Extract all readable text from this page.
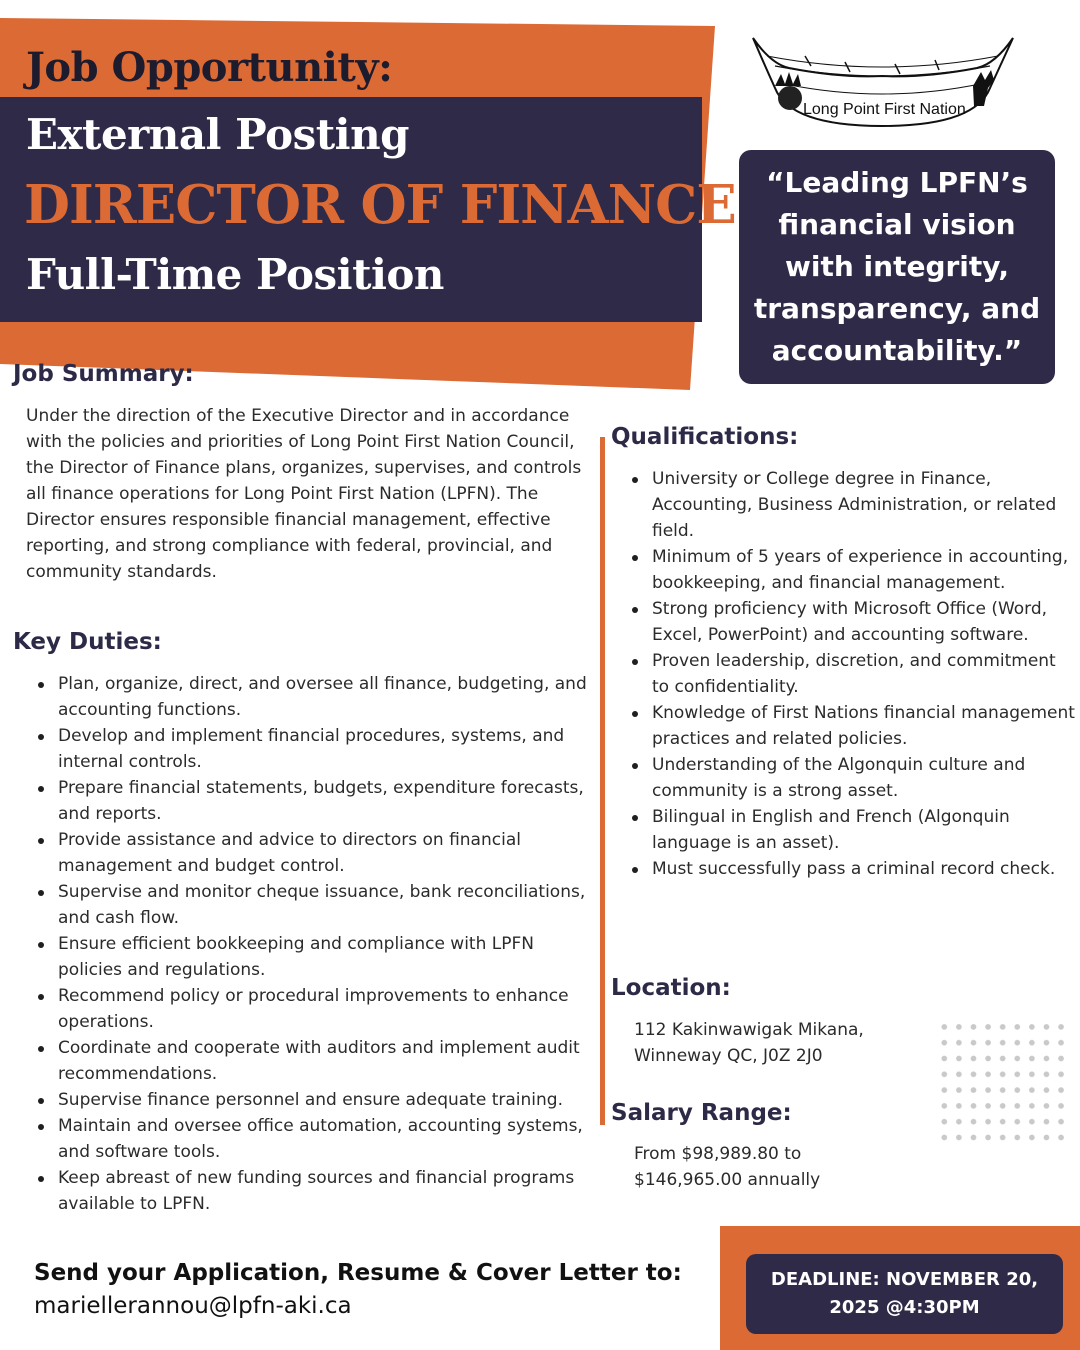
Job Opportunity:
External Posting
DIRECTOR OF FINANCE
Full-Time Position
Long Point First Nation
“Leading LPFN’s financial vision with integrity, transparency, and accountability.”
Job Summary:
Under the direction of the Executive Director and in accordance with the policies and priorities of Long Point First Nation Council, the Director of Finance plans, organizes, supervises, and controls all finance operations for Long Point First Nation (LPFN). The Director ensures responsible financial management, effective reporting, and strong compliance with federal, provincial, and community standards.
Key Duties:
Plan, organize, direct, and oversee all finance, budgeting, and accounting functions.
Develop and implement financial procedures, systems, and internal controls.
Prepare financial statements, budgets, expenditure forecasts, and reports.
Provide assistance and advice to directors on financial management and budget control.
Supervise and monitor cheque issuance, bank reconciliations, and cash flow.
Ensure efficient bookkeeping and compliance with LPFN policies and regulations.
Recommend policy or procedural improvements to enhance operations.
Coordinate and cooperate with auditors and implement audit recommendations.
Supervise finance personnel and ensure adequate training.
Maintain and oversee office automation, accounting systems, and software tools.
Keep abreast of new funding sources and financial programs available to LPFN.
Qualifications:
University or College degree in Finance, Accounting, Business Administration, or related field.
Minimum of 5 years of experience in accounting, bookkeeping, and financial management.
Strong proficiency with Microsoft Office (Word, Excel, PowerPoint) and accounting software.
Proven leadership, discretion, and commitment to confidentiality.
Knowledge of First Nations financial management practices and related policies.
Understanding of the Algonquin culture and community is a strong asset.
Bilingual in English and French (Algonquin language is an asset).
Must successfully pass a criminal record check.
Location:
112 Kakinwawigak Mikana,
Winneway QC, J0Z 2J0
Salary Range:
From $98,989.80 to
$146,965.00 annually
Send your Application, Resume & Cover Letter to:
mariellerannou@lpfn-aki.ca
DEADLINE: NOVEMBER 20,
2025 @4:30PM
